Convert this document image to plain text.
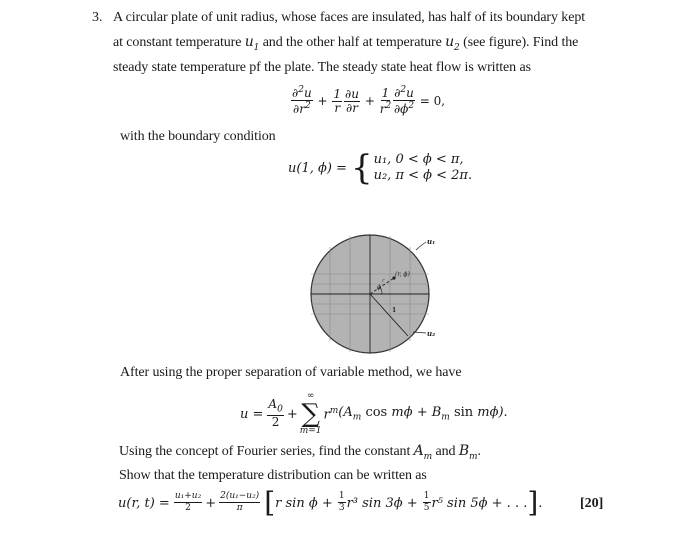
3. A circular plate of unit radius, whose faces are insulated, has half of its boundary kept
at constant temperature $u_1$ and the other half at temperature $u_2$ (see figure). Find the
steady state temperature pf the plate. The steady state heat flow is written as
$\frac{\partial^2u}{\partial r^2} + \frac{1}{r} \frac{\partial u}{\partial r} + \frac{1}{r^2} \frac{\partial^2u}{\partial\phi^2} = 0$,
with the boundary condition
u(1, ϕ) = { u₁, 0 < ϕ < π,
u₂, π < ϕ < 2π.
(r, ϕ)
ϕ
r
1
u₁
u₂
After using the proper separation of variable method, we have
$u = \frac{A_0}{2}$ +
∞
∑
m=1
$r^m$ ($A_m$ $\cos m\phi + B_m$ sin mϕ).
Using the concept of Fourier series, find the constant $A_m$ and $B_m$.
Show that the temperature distribution can be written as
u(r, $t) = \frac{\text{u₁+u₂}}{2} + \frac{\text{2(u₁−u₂)}}{\pi}$ [ r $\sin \phi + \frac{1}{3} r^3$ $\sin 3\phi + \frac{1}{5} r^5$ sin 5ϕ + . . . ] .	[20]
